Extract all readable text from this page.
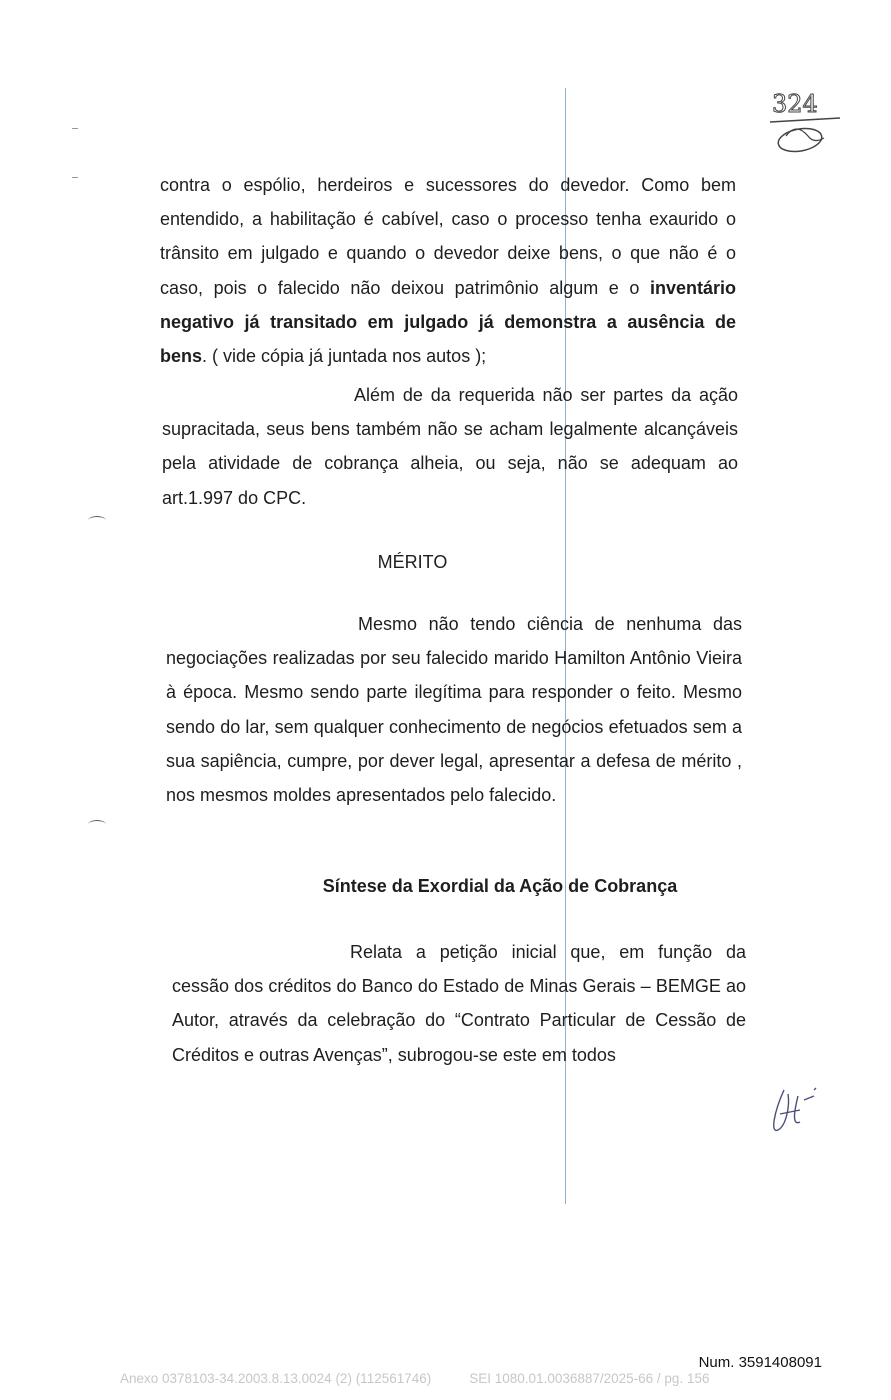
324

contra o espólio, herdeiros e sucessores do devedor. Como bem entendido, a habilitação é cabível, caso o processo tenha exaurido o trânsito em julgado e quando o devedor deixe bens, o que não é o caso, pois o falecido não deixou patrimônio algum e o inventário negativo já transitado em julgado já demonstra a ausência de bens. ( vide cópia já juntada nos autos );

Além de da requerida não ser partes da ação supracitada, seus bens também não se acham legalmente alcançáveis pela atividade de cobrança alheia, ou seja, não se adequam ao art.1.997 do CPC.

MÉRITO

Mesmo não tendo ciência de nenhuma das negociações realizadas por seu falecido marido Hamilton Antônio Vieira à época. Mesmo sendo parte ilegítima para responder o feito. Mesmo sendo do lar, sem qualquer conhecimento de negócios efetuados sem a sua sapiência, cumpre, por dever legal, apresentar a defesa de mérito , nos mesmos moldes apresentados pelo falecido.

Síntese da Exordial da Ação de Cobrança

Relata a petição inicial que, em função da cessão dos créditos do Banco do Estado de Minas Gerais – BEMGE ao Autor, através da celebração do “Contrato Particular de Cessão de Créditos e outras Avenças”, subrogou-se este em todos

Num. 3591408091
Anexo 0378103-34.2003.8.13.0024 (2) (112561746)	SEI 1080.01.0036887/2025-66 / pg. 156
